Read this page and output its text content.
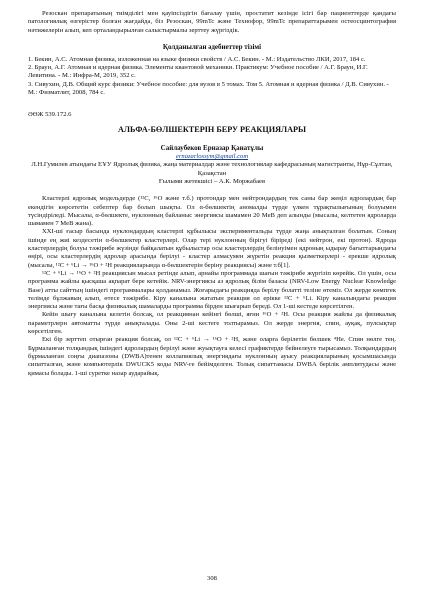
Резоскан препаратының тиімділігі мен қауіпсіздігін бағалау үшін, простатит кезінде ісігі бар пациенттерде қандағы патологиялық өзгерістер болған жағдайда, біз Резоскан, 99mTc және Технофор, 99mTc препараттарымен остеосцинтография нәтижелерін алып, кеп орталандырылған салыстырмалы зерттеу жүргіздік.

Қолданылған әдебиеттер тізімі

1. Бекин, А.С. Атомная физика, изложенная на языке физики свойств / А.С. Бекин. - М.: Издательство ЛКИ, 2017, 184 с.

2. Браун, А.Г. Атомная и ядерная физика. Элементы квантовой механики. Практикум: Учебное пособие / А.Г. Браун, И.Г. Левитина. - М.: Инфра-М, 2019, 352 с.

3. Сивухин, Д.В. Общий курс физики: Учебное пособие: для вузов в 5 томах. Том 5. Атомная и ядерная физика / Д.В. Сивухин. - М.: Физматлит, 2008, 784 с.

ӘӨЖ 539.172.6

АЛЬФА-БӨЛШЕКТЕРІН БЕРУ РЕАКЦИЯЛАРЫ

Сайлаубеков Ерназар Қанатұлы

ernazarlossym@gmail.com

Л.Н.Гумилев атындағы ЕҰУ Ядролық физика, жаңа материалдар және технологиялар кафедрасының магистранты, Нұр-Сұлтан, Қазақстан

Ғылыми жетекшісі – А.К. Моржабаев

Кластерлі ядролық модельдерде (¹²C, ¹⁶O және т.б.) протондар мен нейтрондардың тек саны бар жеңіл ядролардың бар екендігін көрсететін себептер бар болып шықты. Ол α-бөлшектің аномалды түрде үлкен тұрақтылығының болуымен түсіндіріледі. Мысалы, α-бөлшекте, нуклонның байланыс энергиясы шамамен 20 MeB деп алынды (мысалы, келтетен ядроларда шамамен 7 MeB жана).

XXI-ші ғасыр басында нуклондардың кластерлі құбылысы экспериментальды түрде жаңа анықталған болатын. Соның ішінде ең жиі кездесетін α-бөлшектер кластерлері. Олар тері нуклонның бірігуі біріреді (екі нейтрон, екі протон). Ядрода кластерлердің болуы тәжірибе жүзінде байқалатын құбылыстар осы кластерлердің белінуімен ядроның ыдырау бағыттарындағы өңірі, осы кластерлердің ядролар арасында берілуі - кластер алмасумен жүретін реакция қызметкерлері - ерекше ядролық (мысалы, ¹²C + ⁶Li → ¹⁶O + ²H реакцияларында α-бөлшектерін беріну реакциясы) және т.б[1].

¹²C + ⁶Li → ¹⁶O + ²H реакциясын мысал ретінде алып, арнайы программада шағын тәжірибе жүргізіп көрейік. Ол үшін, осы программа жайлы қысқаша ақпарат бере кетейік. NRV-энергиясы аз ядролық білім базасы (NRV-Low Energy Nuclear Knowledge Base) атты сайттың ішіндегі программалары қолданамыз. Жоғарыдағы реакцияда берілу болатті теліне өтеміз. Ол жерде көмпгек телімде бұлжавың алып, өтесе тәжірибе. Кіру каналына жататын реакция ол ерікке ¹²C + ⁶Li. Кіру каналындағы реакция энергиясы және тағы басқа физикалық шамаларды программа бірден шығарып береді. Ол 1-ші кестеде көрсетілген.

Кейін шығу каналына келетін болсақ, ол реакциянан кейінгі бөлші, яғни ¹⁶O + ²H. Осы реакция жайлы да физикалық параметрлерн автоматты түрде анықталады. Оны 2-ші кестеге толтырамыз. Ол жерде энергия, спин, ауқақ, пулсықтар көрсетілген.

Екі бір зерттеп отырған реакция болсақ, ол ¹²C + ⁶Li → ¹⁶O + ²H, және оларға берілетін бөлшек ⁴He. Спин нөлге тең. Бұрмаланған толқындық ішіндегі ядролардың берілуі және жуықтауға келесі графиктерде бейнелеуге тырысамыз. Толқындардың бұрмаланған соңғы диапазоны (DWBA)тенен коллапиялық энергиядағы нуклонның ауысу реакцияларының қосымшасында сипатталған, және компьютерлік DWUCK5 коды NRV-ге бейімделген. Толық сипаттамасы DWBA берілік амплитудасы және қимасы болады. 1-ші суретке назар аударайық.

308
